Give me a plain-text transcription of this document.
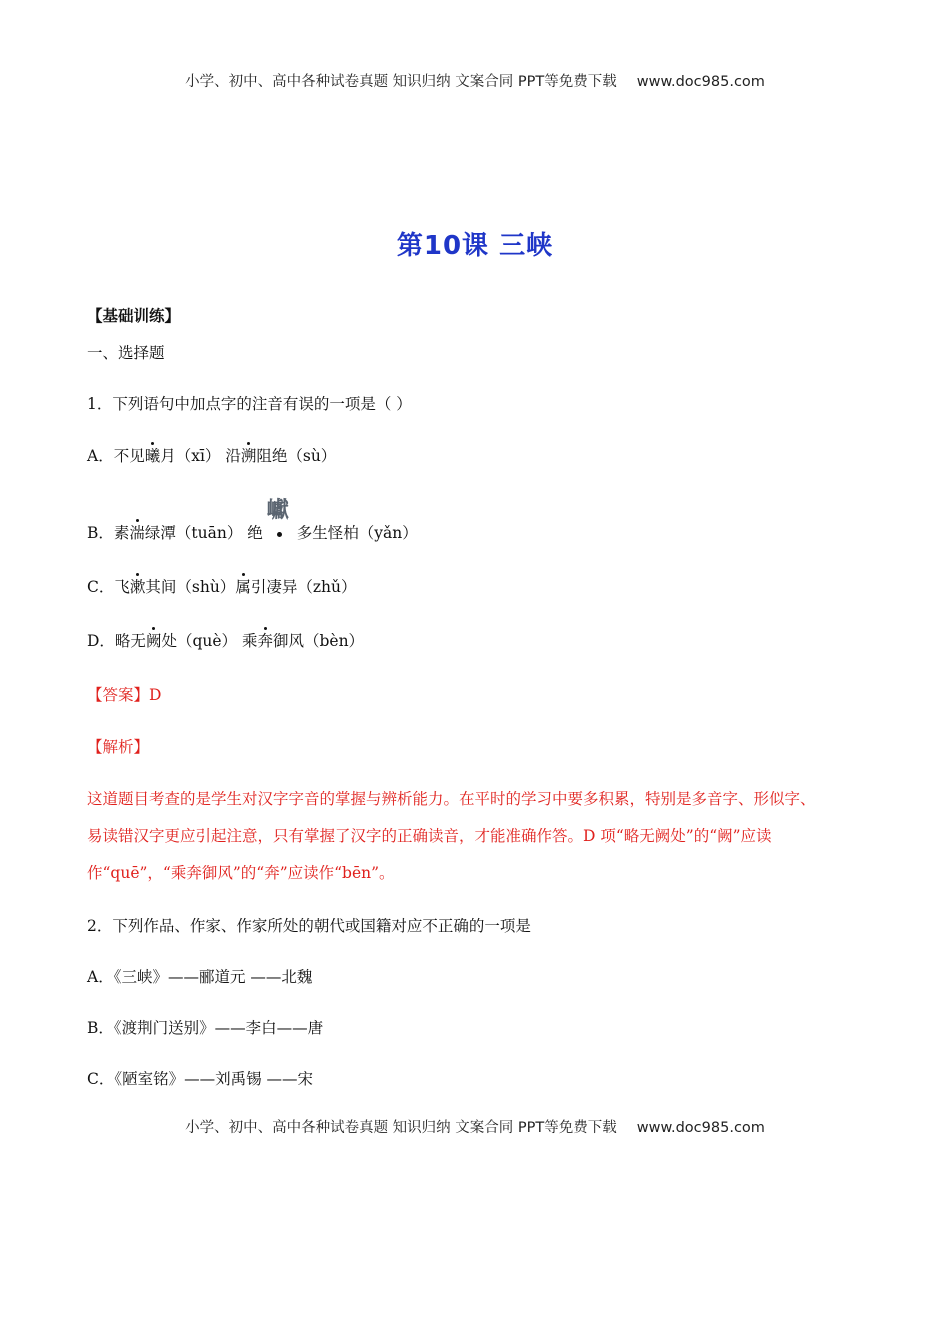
小学、初中、高中各种试卷真题 知识归纳 文案合同 PPT等免费下载 www.doc985.com
第10课 三峡
【基础训练】
一、选择题
1．下列语句中加点字的注音有误的一项是（ ）
A．不见曦月（xī） 沿溯阻绝（sù）
B．素湍绿潭（tuān） 绝
巘
多生怪柏（yǎn）
C．飞漱其间（shù）属引凄异（zhǔ）
D．略无阙处（què） 乘奔御风（bèn）
【答案】D
【解析】
这道题目考查的是学生对汉字字音的掌握与辨析能力。在平时的学习中要多积累，特别是多音字、形似字、
易读错汉字更应引起注意，只有掌握了汉字的正确读音，才能准确作答。D 项“略无阙处”的“阙”应读
作“quē”，“乘奔御风”的“奔”应读作“bēn”。
2．下列作品、作家、作家所处的朝代或国籍对应不正确的一项是
A．《三峡》——郦道元 ——北魏
B．《渡荆门送别》——李白——唐
C．《陋室铭》——刘禹锡 ——宋
小学、初中、高中各种试卷真题 知识归纳 文案合同 PPT等免费下载 www.doc985.com
